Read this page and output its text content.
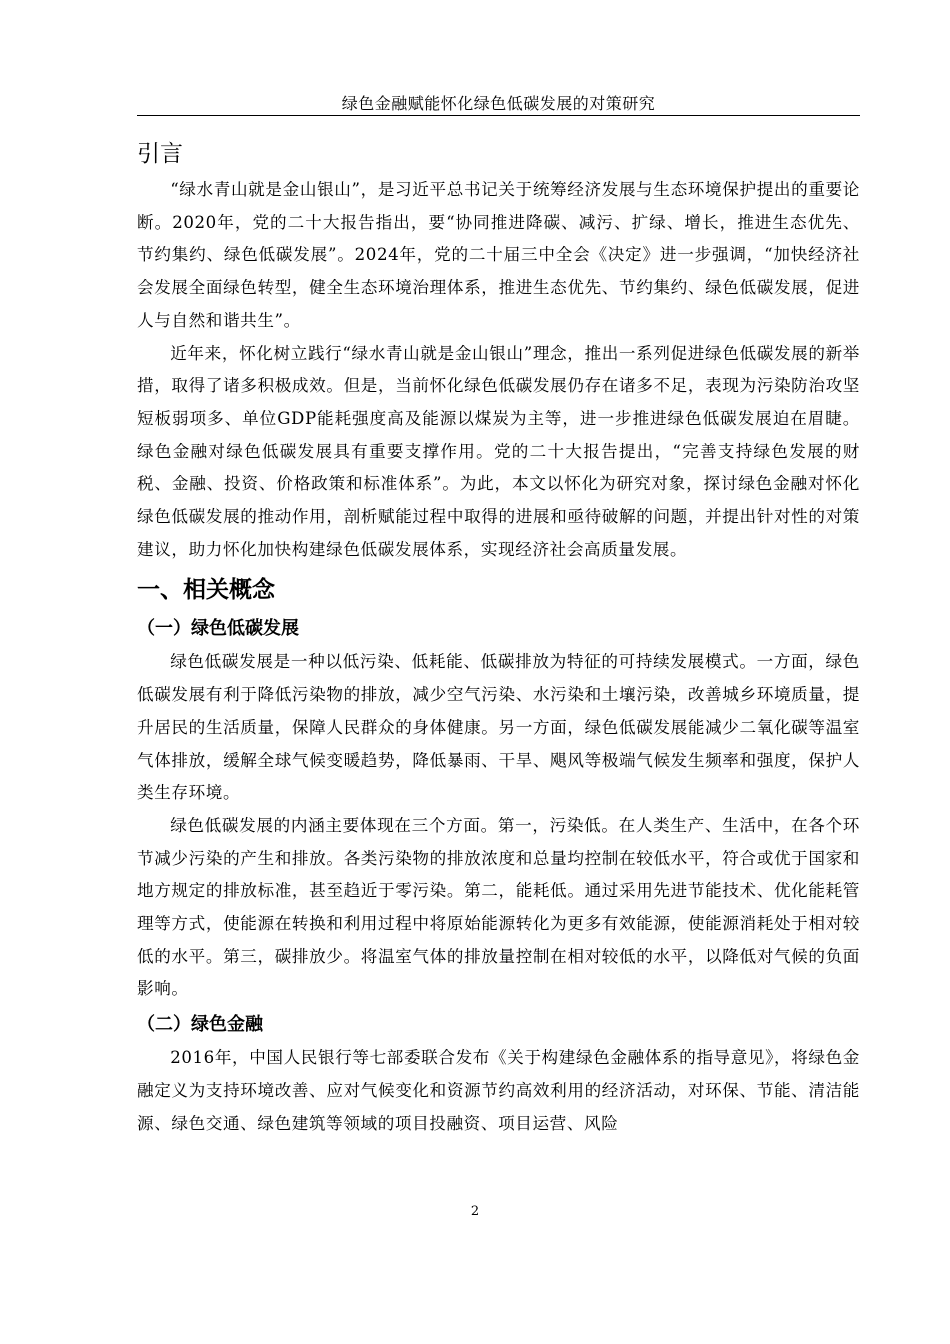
绿色金融赋能怀化绿色低碳发展的对策研究
引言

“绿水青山就是金山银山”，是习近平总书记关于统筹经济发展与生态环境保护提出的重要论断。2020年，党的二十大报告指出，要“协同推进降碳、减污、扩绿、增长，推进生态优先、节约集约、绿色低碳发展”。2024年，党的二十届三中全会《决定》进一步强调，“加快经济社会发展全面绿色转型，健全生态环境治理体系，推进生态优先、节约集约、绿色低碳发展，促进人与自然和谐共生”。

近年来，怀化树立践行“绿水青山就是金山银山”理念，推出一系列促进绿色低碳发展的新举措，取得了诸多积极成效。但是，当前怀化绿色低碳发展仍存在诸多不足，表现为污染防治攻坚短板弱项多、单位GDP能耗强度高及能源以煤炭为主等，进一步推进绿色低碳发展迫在眉睫。绿色金融对绿色低碳发展具有重要支撑作用。党的二十大报告提出，“完善支持绿色发展的财税、金融、投资、价格政策和标准体系”。为此，本文以怀化为研究对象，探讨绿色金融对怀化绿色低碳发展的推动作用，剖析赋能过程中取得的进展和亟待破解的问题，并提出针对性的对策建议，助力怀化加快构建绿色低碳发展体系，实现经济社会高质量发展。

一、相关概念
（一）绿色低碳发展

绿色低碳发展是一种以低污染、低耗能、低碳排放为特征的可持续发展模式。一方面，绿色低碳发展有利于降低污染物的排放，减少空气污染、水污染和土壤污染，改善城乡环境质量，提升居民的生活质量，保障人民群众的身体健康。另一方面，绿色低碳发展能减少二氧化碳等温室气体排放，缓解全球气候变暖趋势，降低暴雨、干旱、飓风等极端气候发生频率和强度，保护人类生存环境。

绿色低碳发展的内涵主要体现在三个方面。第一，污染低。在人类生产、生活中，在各个环节减少污染的产生和排放。各类污染物的排放浓度和总量均控制在较低水平，符合或优于国家和地方规定的排放标准，甚至趋近于零污染。第二，能耗低。通过采用先进节能技术、优化能耗管理等方式，使能源在转换和利用过程中将原始能源转化为更多有效能源，使能源消耗处于相对较低的水平。第三，碳排放少。将温室气体的排放量控制在相对较低的水平，以降低对气候的负面影响。

（二）绿色金融

2016年，中国人民银行等七部委联合发布《关于构建绿色金融体系的指导意见》，将绿色金融定义为支持环境改善、应对气候变化和资源节约高效利用的经济活动，对环保、节能、清洁能源、绿色交通、绿色建筑等领域的项目投融资、项目运营、风险

2
